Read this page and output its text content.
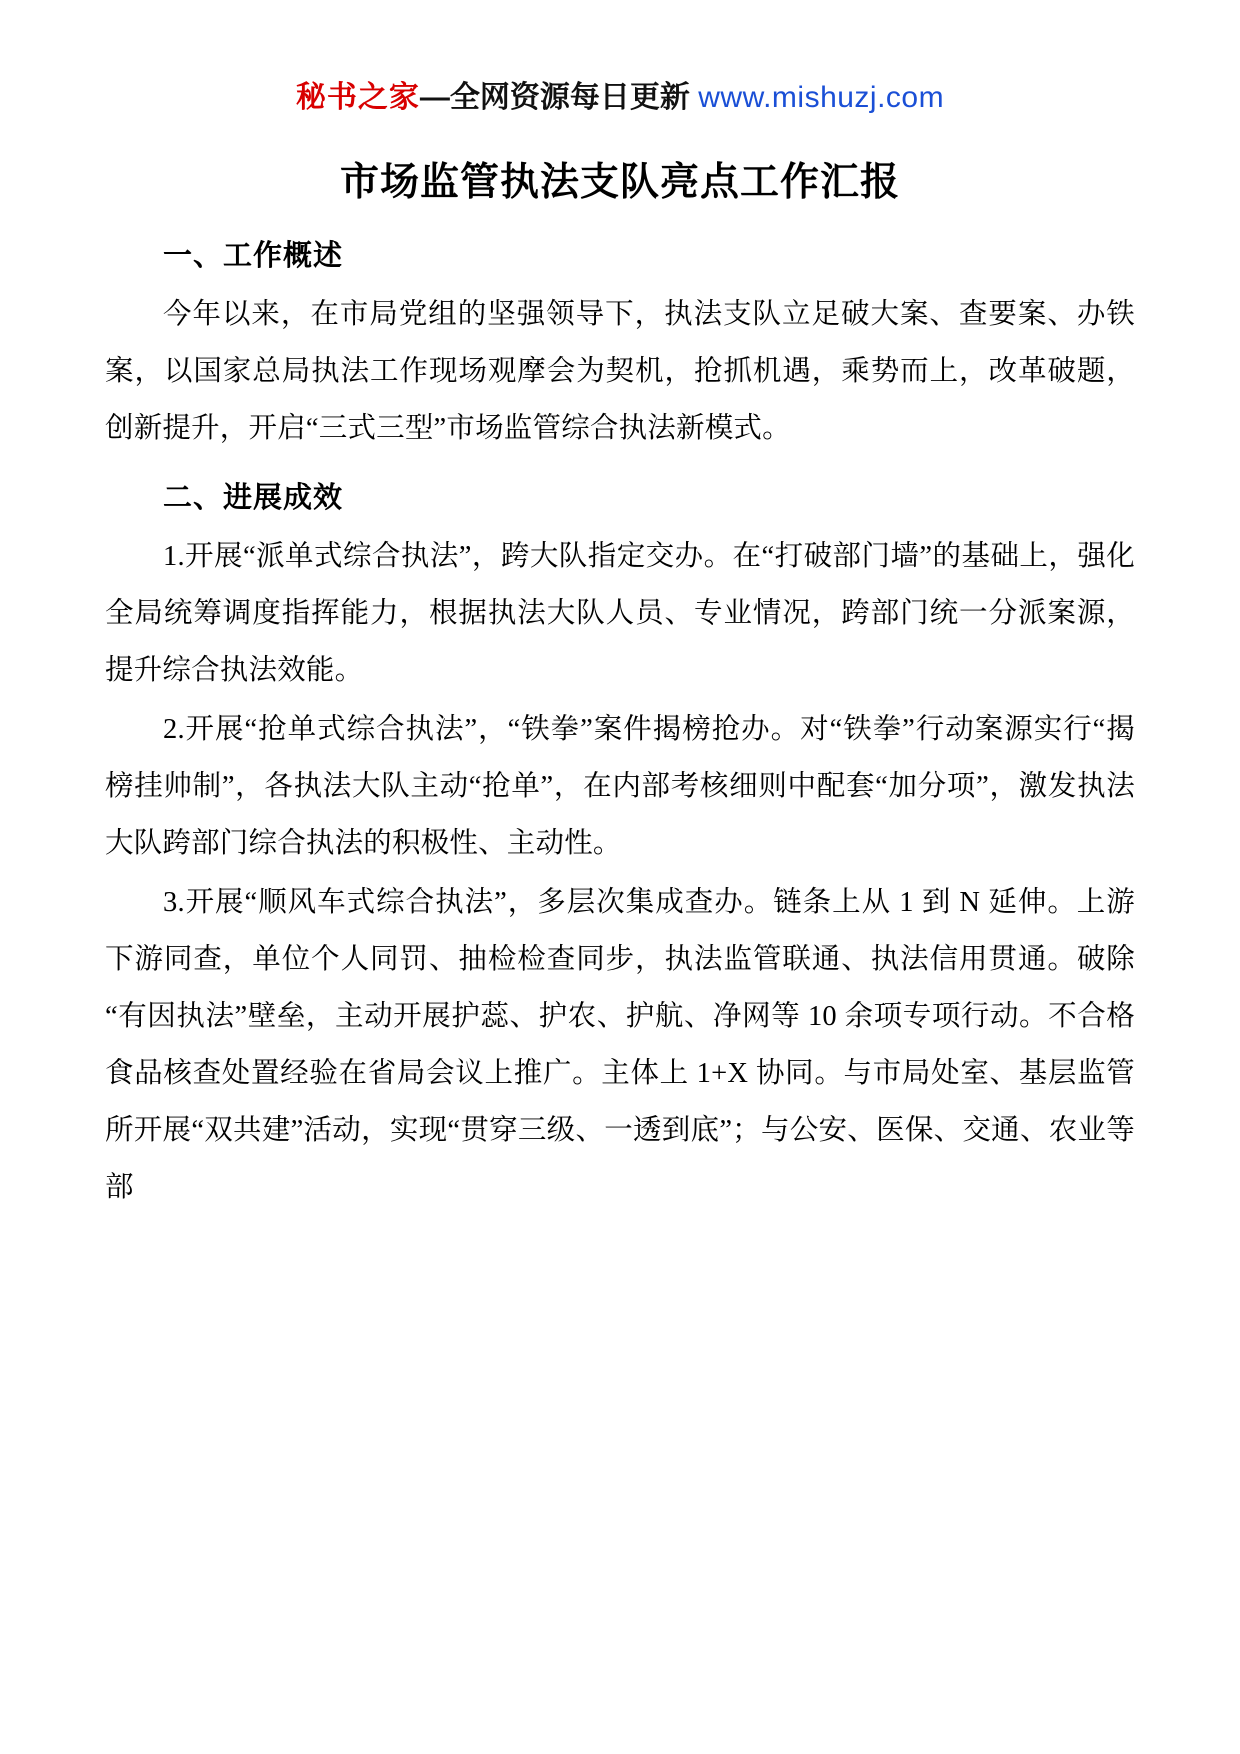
秘书之家—全网资源每日更新 www.mishuzj.com
市场监管执法支队亮点工作汇报
一、工作概述

今年以来，在市局党组的坚强领导下，执法支队立足破大案、查要案、办铁案，以国家总局执法工作现场观摩会为契机，抢抓机遇，乘势而上，改革破题，创新提升，开启“三式三型”市场监管综合执法新模式。

二、进展成效

1.开展“派单式综合执法”，跨大队指定交办。在“打破部门墙”的基础上，强化全局统筹调度指挥能力，根据执法大队人员、专业情况，跨部门统一分派案源，提升综合执法效能。

2.开展“抢单式综合执法”，“铁拳”案件揭榜抢办。对“铁拳”行动案源实行“揭榜挂帅制”，各执法大队主动“抢单”，在内部考核细则中配套“加分项”，激发执法大队跨部门综合执法的积极性、主动性。

3.开展“顺风车式综合执法”，多层次集成查办。链条上从 1 到 N 延伸。上游下游同查，单位个人同罚、抽检检查同步，执法监管联通、执法信用贯通。破除“有因执法”壁垒，主动开展护蕊、护农、护航、净网等 10 余项专项行动。不合格食品核查处置经验在省局会议上推广。主体上 1+X 协同。与市局处室、基层监管所开展“双共建”活动，实现“贯穿三级、一透到底”；与公安、医保、交通、农业等部
